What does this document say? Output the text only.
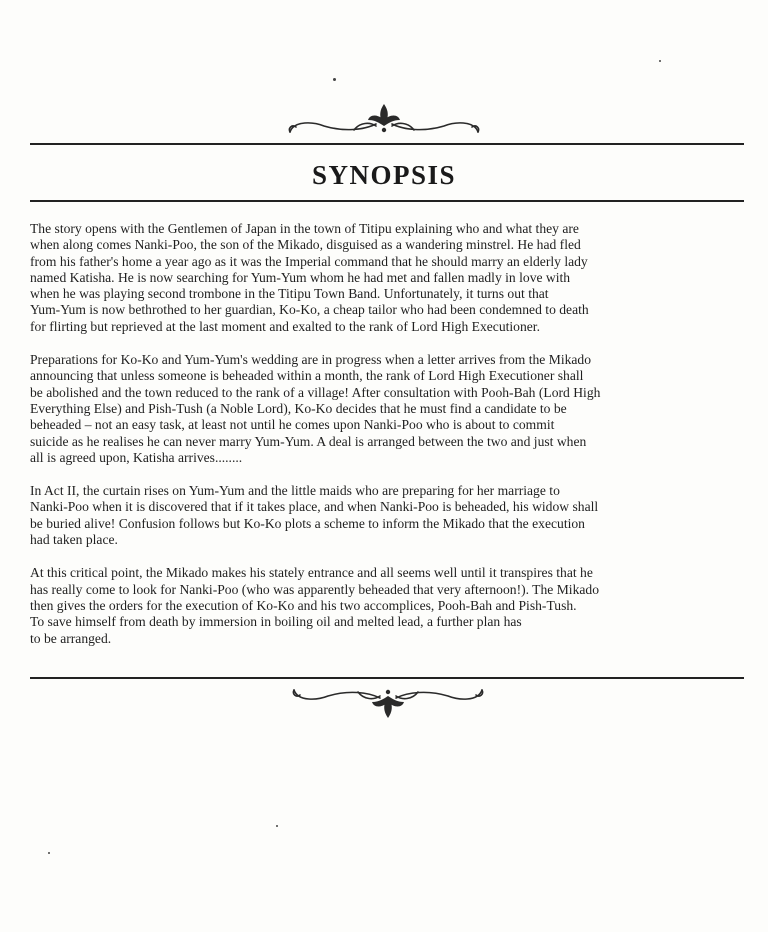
SYNOPSIS

The story opens with the Gentlemen of Japan in the town of Titipu explaining who and what they are
when along comes Nanki-Poo, the son of the Mikado, disguised as a wandering minstrel. He had fled
from his father's home a year ago as it was the Imperial command that he should marry an elderly lady
named Katisha. He is now searching for Yum-Yum whom he had met and fallen madly in love with
when he was playing second trombone in the Titipu Town Band. Unfortunately, it turns out that
Yum-Yum is now bethrothed to her guardian, Ko-Ko, a cheap tailor who had been condemned to death
for flirting but reprieved at the last moment and exalted to the rank of Lord High Executioner.

Preparations for Ko-Ko and Yum-Yum's wedding are in progress when a letter arrives from the Mikado
announcing that unless someone is beheaded within a month, the rank of Lord High Executioner shall
be abolished and the town reduced to the rank of a village! After consultation with Pooh-Bah (Lord High
Everything Else) and Pish-Tush (a Noble Lord), Ko-Ko decides that he must find a candidate to be
beheaded – not an easy task, at least not until he comes upon Nanki-Poo who is about to commit
suicide as he realises he can never marry Yum-Yum. A deal is arranged between the two and just when
all is agreed upon, Katisha arrives........

In Act II, the curtain rises on Yum-Yum and the little maids who are preparing for her marriage to
Nanki-Poo when it is discovered that if it takes place, and when Nanki-Poo is beheaded, his widow shall
be buried alive! Confusion follows but Ko-Ko plots a scheme to inform the Mikado that the execution
had taken place.

At this critical point, the Mikado makes his stately entrance and all seems well until it transpires that he
has really come to look for Nanki-Poo (who was apparently beheaded that very afternoon!). The Mikado
then gives the orders for the execution of Ko-Ko and his two accomplices, Pooh-Bah and Pish-Tush.
To save himself from death by immersion in boiling oil and melted lead, a further plan has
to be arranged.
